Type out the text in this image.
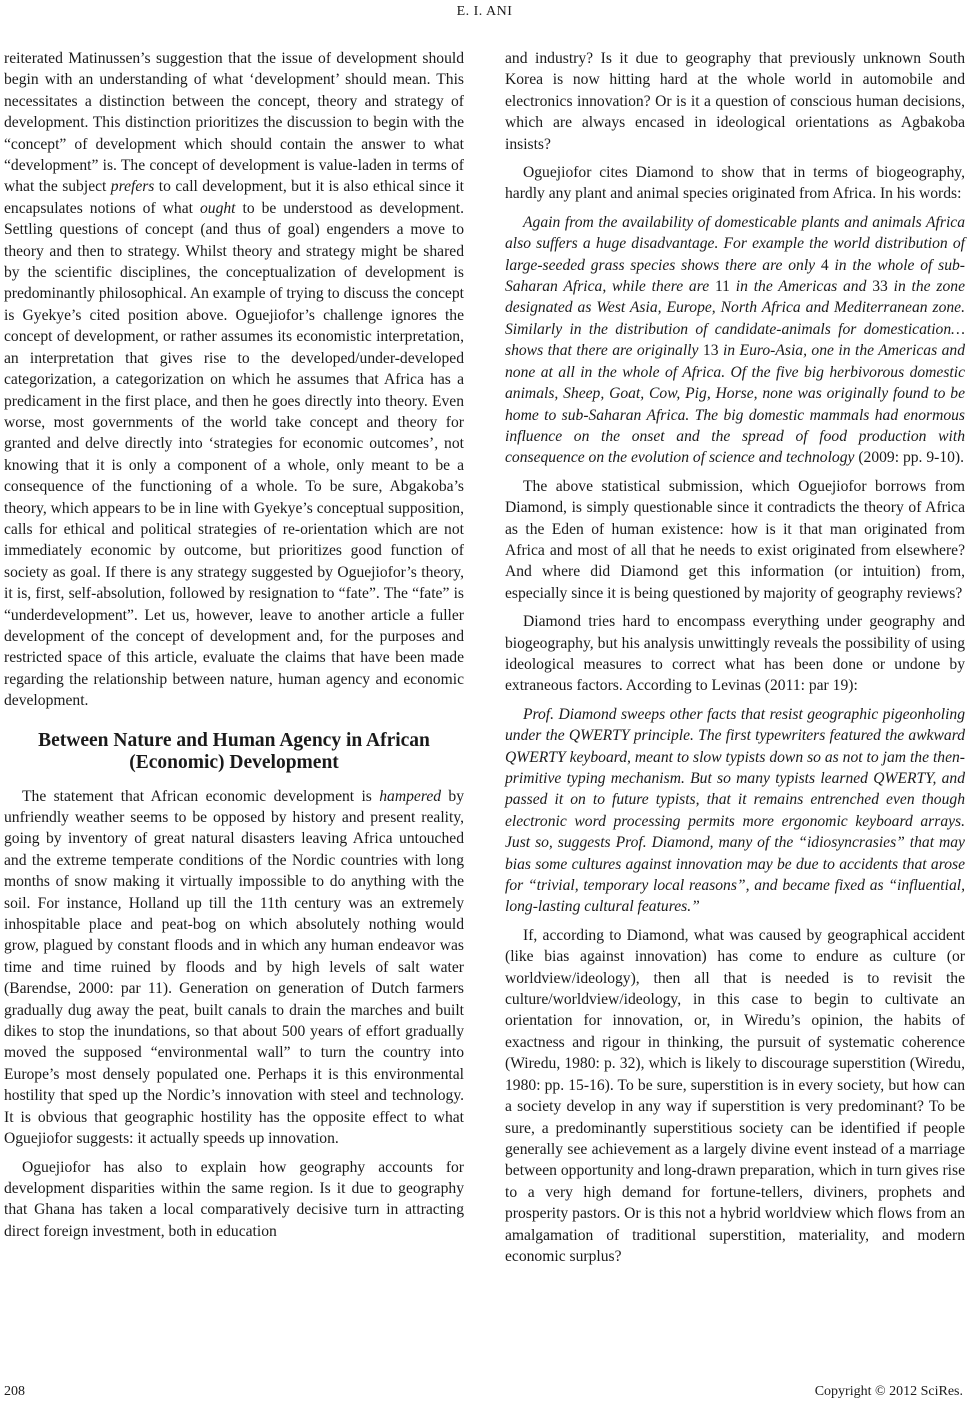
E. I. ANI

reiterated Matinussen’s suggestion that the issue of development should begin with an understanding of what ‘development’ should mean. This necessitates a distinction between the concept, theory and strategy of development. This distinction prioritizes the discussion to begin with the “concept” of development which should contain the answer to what “development” is. The concept of development is value-laden in terms of what the subject prefers to call development, but it is also ethical since it encapsulates notions of what ought to be understood as development. Settling questions of concept (and thus of goal) engenders a move to theory and then to strategy. Whilst theory and strategy might be shared by the scientific disciplines, the conceptualization of development is predominantly philosophical. An example of trying to discuss the concept is Gyekye’s cited position above. Oguejiofor’s challenge ignores the concept of development, or rather assumes its economistic interpretation, an interpretation that gives rise to the developed/under-developed categorization, a categorization on which he assumes that Africa has a predicament in the first place, and then he goes directly into theory. Even worse, most governments of the world take concept and theory for granted and delve directly into ‘strategies for economic outcomes’, not knowing that it is only a component of a whole, only meant to be a consequence of the functioning of a whole. To be sure, Abgakoba’s theory, which appears to be in line with Gyekye’s conceptual supposition, calls for ethical and political strategies of re-orientation which are not immediately economic by outcome, but prioritizes good function of society as goal. If there is any strategy suggested by Oguejiofor’s theory, it is, first, self-absolution, followed by resignation to “fate”. The “fate” is “underdevelopment”. Let us, however, leave to another article a fuller development of the concept of development and, for the purposes and restricted space of this article, evaluate the claims that have been made regarding the relationship between nature, human agency and economic development.

Between Nature and Human Agency in African
(Economic) Development

The statement that African economic development is hampered by unfriendly weather seems to be opposed by history and present reality, going by inventory of great natural disasters leaving Africa untouched and the extreme temperate conditions of the Nordic countries with long months of snow making it virtually impossible to do anything with the soil. For instance, Holland up till the 11th century was an extremely inhospitable place and peat-bog on which absolutely nothing would grow, plagued by constant floods and in which any human endeavor was time and time ruined by floods and by high levels of salt water (Barendse, 2000: par 11). Generation on generation of Dutch farmers gradually dug away the peat, built canals to drain the marches and built dikes to stop the inundations, so that about 500 years of effort gradually moved the supposed “environmental wall” to turn the country into Europe’s most densely populated one. Perhaps it is this environmental hostility that sped up the Nordic’s innovation with steel and technology. It is obvious that geographic hostility has the opposite effect to what Oguejiofor suggests: it actually speeds up innovation.

Oguejiofor has also to explain how geography accounts for development disparities within the same region. Is it due to geography that Ghana has taken a local comparatively decisive turn in attracting direct foreign investment, both in education

and industry? Is it due to geography that previously unknown South Korea is now hitting hard at the whole world in automobile and electronics innovation? Or is it a question of conscious human decisions, which are always encased in ideological orientations as Agbakoba insists?

Oguejiofor cites Diamond to show that in terms of biogeography, hardly any plant and animal species originated from Africa. In his words:

Again from the availability of domesticable plants and animals Africa also suffers a huge disadvantage. For example the world distribution of large-seeded grass species shows there are only 4 in the whole of sub-Saharan Africa, while there are 11 in the Americas and 33 in the zone designated as West Asia, Europe, North Africa and Mediterranean zone. Similarly in the distribution of candidate-animals for domestication… shows that there are originally 13 in Euro-Asia, one in the Americas and none at all in the whole of Africa. Of the five big herbivorous domestic animals, Sheep, Goat, Cow, Pig, Horse, none was originally found to be home to sub-Saharan Africa. The big domestic mammals had enormous influence on the onset and the spread of food production with consequence on the evolution of science and technology (2009: pp. 9-10).

The above statistical submission, which Oguejiofor borrows from Diamond, is simply questionable since it contradicts the theory of Africa as the Eden of human existence: how is it that man originated from Africa and most of all that he needs to exist originated from elsewhere? And where did Diamond get this information (or intuition) from, especially since it is being questioned by majority of geography reviews?

Diamond tries hard to encompass everything under geography and biogeography, but his analysis unwittingly reveals the possibility of using ideological measures to correct what has been done or undone by extraneous factors. According to Levinas (2011: par 19):

Prof. Diamond sweeps other facts that resist geographic pigeonholing under the QWERTY principle. The first typewriters featured the awkward QWERTY keyboard, meant to slow typists down so as not to jam the then-primitive typing mechanism. But so many typists learned QWERTY, and passed it on to future typists, that it remains entrenched even though electronic word processing permits more ergonomic keyboard arrays. Just so, suggests Prof. Diamond, many of the “idiosyncrasies” that may bias some cultures against innovation may be due to accidents that arose for “trivial, temporary local reasons”, and became fixed as “influential, long-lasting cultural features.”

If, according to Diamond, what was caused by geographical accident (like bias against innovation) has come to endure as culture (or worldview/ideology), then all that is needed is to revisit the culture/worldview/ideology, in this case to begin to cultivate an orientation for innovation, or, in Wiredu’s opinion, the habits of exactness and rigour in thinking, the pursuit of systematic coherence (Wiredu, 1980: p. 32), which is likely to discourage superstition (Wiredu, 1980: pp. 15-16). To be sure, superstition is in every society, but how can a society develop in any way if superstition is very predominant? To be sure, a predominantly superstitious society can be identified if people generally see achievement as a largely divine event instead of a marriage between opportunity and long-drawn preparation, which in turn gives rise to a very high demand for fortune-tellers, diviners, prophets and prosperity pastors. Or is this not a hybrid worldview which flows from an amalgamation of traditional superstition, materiality, and modern economic surplus?

208	Copyright © 2012 SciRes.
